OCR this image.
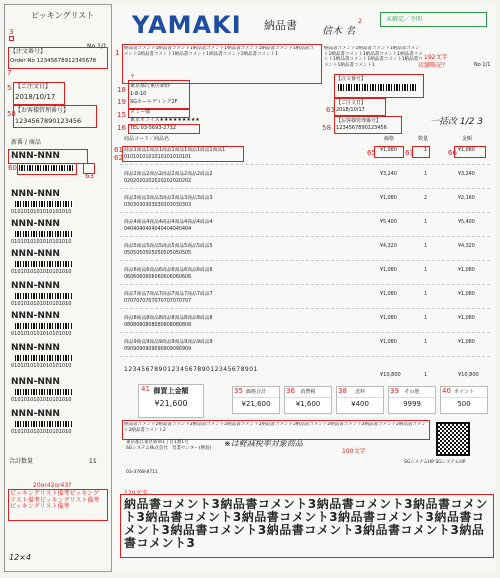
ピッキングリスト
No 1/1
3
【注文番号】
Order No 12345678912345678
7
5 【ご注文日】
2018/10/17
58 【お客様管理番号】
1234567890123456
新番 / 商品
NNN-NNN
60
63
NNN-NNN
0101010101010101010
NNN-NNN
0101010101010101010
NNN-NNN
0101010101010101010
NNN-NNN
0101010101010101010
NNN-NNN
0101010101010101010
NNN-NNN
0101010101010101010
NNN-NNN
0101010101010101010
NNN-NNN
0101010101010101010
合計数量	11
20or42or43?
ピッキングリスト備考ピッキングリスト備考ピッキングリスト備考ピッキングリスト備考
12×4
YAMAKI 納品書	未確定／不明
2
信木 名
No 1/1
納品書コメント1納品書コメント1納品書コメント1納品書コメント1納品書コメント1納品書コメント1納品書コメント1納品書コメント1納品書コメント1納品書コメント1
納品書コメント1納品書コメント1納品書コメント1納品書コメント1納品書コメント1納品書コメント1納品書コメント1納品書コメント1納品書コメント1納品書コメント1
192文字
店舗略記?
1
〒
東京都江東区新砂
1-8-10
SGホールディング2F
18
19
ダミー様
東京オフィス★★★★★★★★★
TEL 03-5693-2732
15
16
【注文番号】
【ご注文日】
2018/10/17
【お客様管理番号】
1234567890123456
63
58
一括改 1/2 3
商品コード／商品名	価格	数量	金額
61
62
65	63	66
商品1商品1商品1商品1商品1商品1商品1商品1
0101010101010101010101
¥1,080	1	¥1,080
商品2商品2商品2商品2商品2商品2商品2
0202020202020202020202
¥3,240	1	¥3,240
商品3商品3商品3商品3商品3商品3商品3
0303030303030303030303
¥1,080	2	¥2,160
商品4商品4商品4商品4商品4商品4商品4
0404040404040404040404
¥5,400	1	¥5,400
商品5商品5商品5商品5商品5商品5商品5
0505050505050505050505
¥4,320	1	¥4,320
商品6商品6商品6商品6商品6商品6商品6
0606060606060606060606
¥1,080	1	¥1,080
商品7商品7商品7商品7商品7商品7商品7
0707070707070707070707
¥1,080	1	¥1,080
商品8商品8商品8商品8商品8商品8商品8
0808080808080808080808
¥1,080	1	¥1,080
商品9商品9商品9商品9商品9商品9商品9
0909090909090909090909
¥1,080	1	¥1,080
1234567890123456789012345678901
¥10,800	1	¥10,800
41 御買上金額
¥21,600
35 価格合計
¥21,600
36	消費税
¥1,600
38	送料
¥400
39	その他
9999
40 ポイント
500
納品書コメント2納品書コメント2納品書コメント2納品書コメント2納品書コメント2納品書コメント2納品書コメント2納品書コメント2納品書コメント2納品書コメント2
東京都江東区新砂1丁目1番1号
SGシステム株式会社 営業センター(勝島)
03-3768-8711
※は軽減税率対象商品
100文字
SGシステムHP SGシステムHP
120文字
納品書コメント3納品書コメント3納品書コメント3納品書コメント3納品書コメント3納品書コメント3納品書コメント3納品書コメント3納品書コメント3納品書コメント3納品書コメント3納品書コメント3
